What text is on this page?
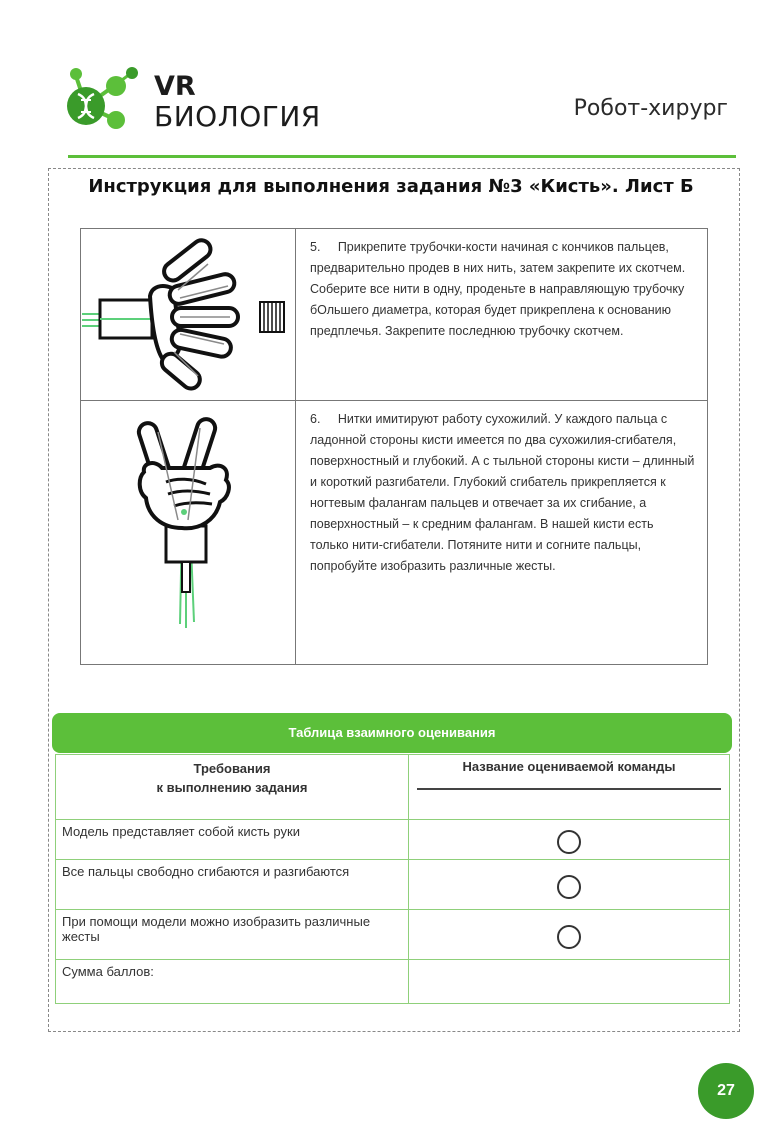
VR
БИОЛОГИЯ	Робот-хирург
Инструкция для выполнения задания №3 «Кисть». Лист Б
	5. Прикрепите трубочки-кости начиная с кончиков пальцев, предварительно продев в них нить, затем закрепите их скотчем. Соберите все нити в одну, проденьте в направляющую трубочку бОльшего диаметра, которая будет прикреплена к основанию предплечья. Закрепите последнюю трубочку скотчем.
	6. Нитки имитируют работу сухожилий. У каждого пальца с ладонной стороны кисти имеется по два сухожилия-сгибателя, поверхностный и глубокий. А с тыльной стороны кисти – длинный и короткий разгибатели. Глубокий сгибатель прикрепляется к ногтевым фалангам пальцев и отвечает за их сгибание, а поверхностный – к средним фалангам. В нашей кисти есть только нити-сгибатели. Потяните нити и согните пальцы, попробуйте изобразить различные жесты.
Таблица взаимного оценивания
Требования
к выполнению задания	Название оцениваемой команды

Модель представляет собой кисть руки	
Все пальцы свободно сгибаются и разгибаются	
При помощи модели можно изобразить различные жесты	
Сумма баллов:	
27
